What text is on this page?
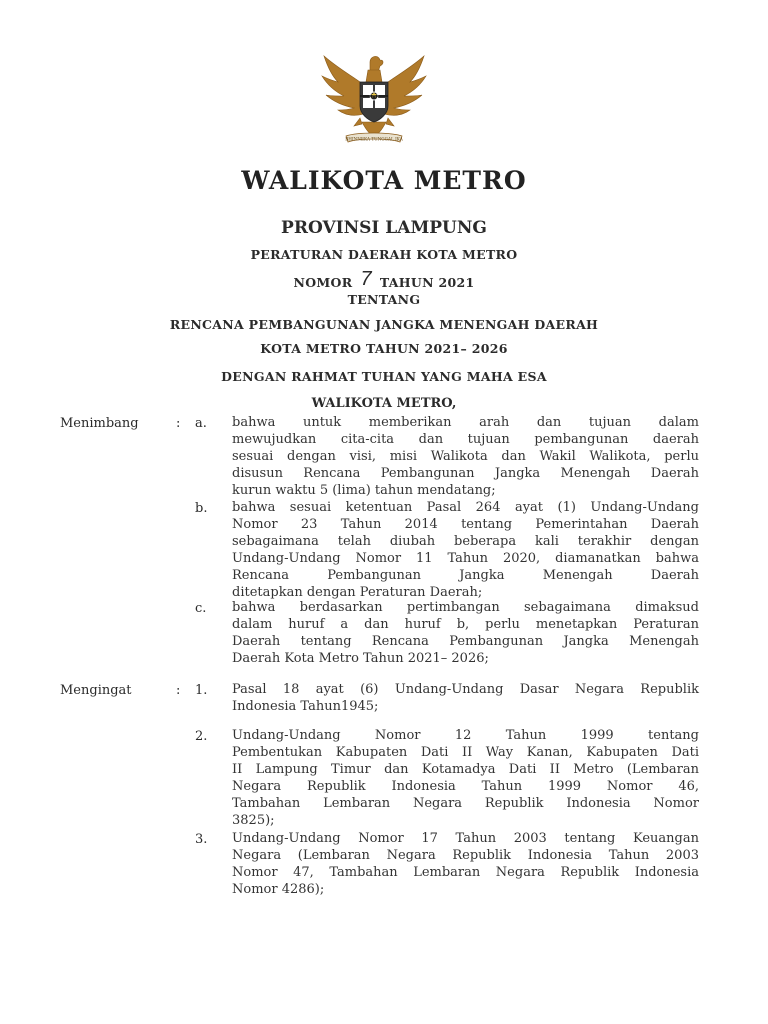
BHINNEKA TUNGGAL IKA
WALIKOTA METRO
PROVINSI LAMPUNG
PERATURAN DAERAH KOTA METRO
NOMOR 7 TAHUN 2021
TENTANG
RENCANA PEMBANGUNAN JANGKA MENENGAH DAERAH
KOTA METRO TAHUN 2021– 2026
DENGAN RAHMAT TUHAN YANG MAHA ESA
WALIKOTA METRO,
Menimbang	: a. bahwa untuk memberikan arah dan tujuan dalam
mewujudkan cita-cita dan tujuan pembangunan daerah
sesuai dengan visi, misi Walikota dan Wakil Walikota, perlu
disusun Rencana Pembangunan Jangka Menengah Daerah
kurun waktu 5 (lima) tahun mendatang;
b. bahwa sesuai ketentuan Pasal 264 ayat (1) Undang-Undang
Nomor 23 Tahun 2014 tentang Pemerintahan Daerah
sebagaimana telah diubah beberapa kali terakhir dengan
Undang-Undang Nomor 11 Tahun 2020, diamanatkan bahwa
Rencana Pembangunan Jangka Menengah Daerah
ditetapkan dengan Peraturan Daerah;
c. bahwa berdasarkan pertimbangan sebagaimana dimaksud
dalam huruf a dan huruf b, perlu menetapkan Peraturan
Daerah tentang Rencana Pembangunan Jangka Menengah
Daerah Kota Metro Tahun 2021– 2026;
Mengingat	: 1. Pasal 18 ayat (6) Undang-Undang Dasar Negara Republik
Indonesia Tahun1945;
2. Undang-Undang Nomor 12 Tahun 1999 tentang
Pembentukan Kabupaten Dati II Way Kanan, Kabupaten Dati
II Lampung Timur dan Kotamadya Dati II Metro (Lembaran
Negara Republik Indonesia Tahun 1999 Nomor 46,
Tambahan Lembaran Negara Republik Indonesia Nomor
3825);
3. Undang-Undang Nomor 17 Tahun 2003 tentang Keuangan
Negara (Lembaran Negara Republik Indonesia Tahun 2003
Nomor 47, Tambahan Lembaran Negara Republik Indonesia
Nomor 4286);
